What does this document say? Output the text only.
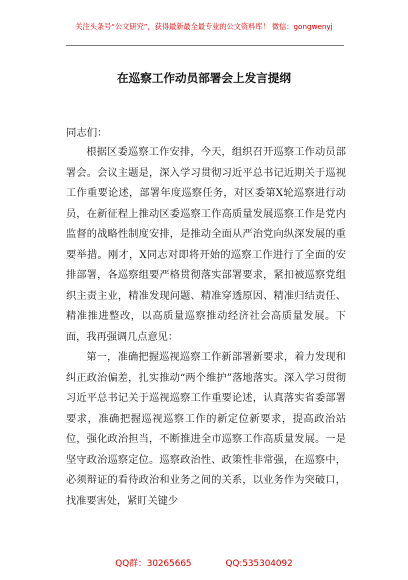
关注头条号“公文研究”，获得最新最全最专业的公文资料库！ 微信：gongwenyj
在巡察工作动员部署会上发言提纲
同志们：

根据区委巡察工作安排，今天，组织召开巡察工作动员部署会。会议主题是，深入学习贯彻习近平总书记近期关于巡视工作重要论述，部署年度巡察任务，对区委第X轮巡察进行动员，在新征程上推动区委巡察工作高质量发展巡察工作是党内监督的战略性制度安排，是推动全面从严治党向纵深发展的重要举措。刚才，X同志对即将开始的巡察工作进行了全面的安排部署，各巡察组要严格贯彻落实部署要求，紧扣被巡察党组织主责主业，精准发现问题、精准穿透原因、精准归结责任、精准推进整改，以高质量巡察推动经济社会高质量发展。下面，我再强调几点意见：

第一，准确把握巡视巡察工作新部署新要求，着力发现和纠正政治偏差，扎实推动“两个维护”落地落实。深入学习贯彻习近平总书记关于巡视巡察工作重要论述，认真落实省委部署要求，准确把握巡视巡察工作的新定位新要求，提高政治站位，强化政治担当，不断推进全市巡察工作高质量发展。一是坚守政治巡察定位。巡察政治性、政策性非常强，在巡察中，必须辩证的看待政治和业务之间的关系，以业务作为突破口，找准要害处，紧盯关键少

QQ群：30265665	QQ:535304092
